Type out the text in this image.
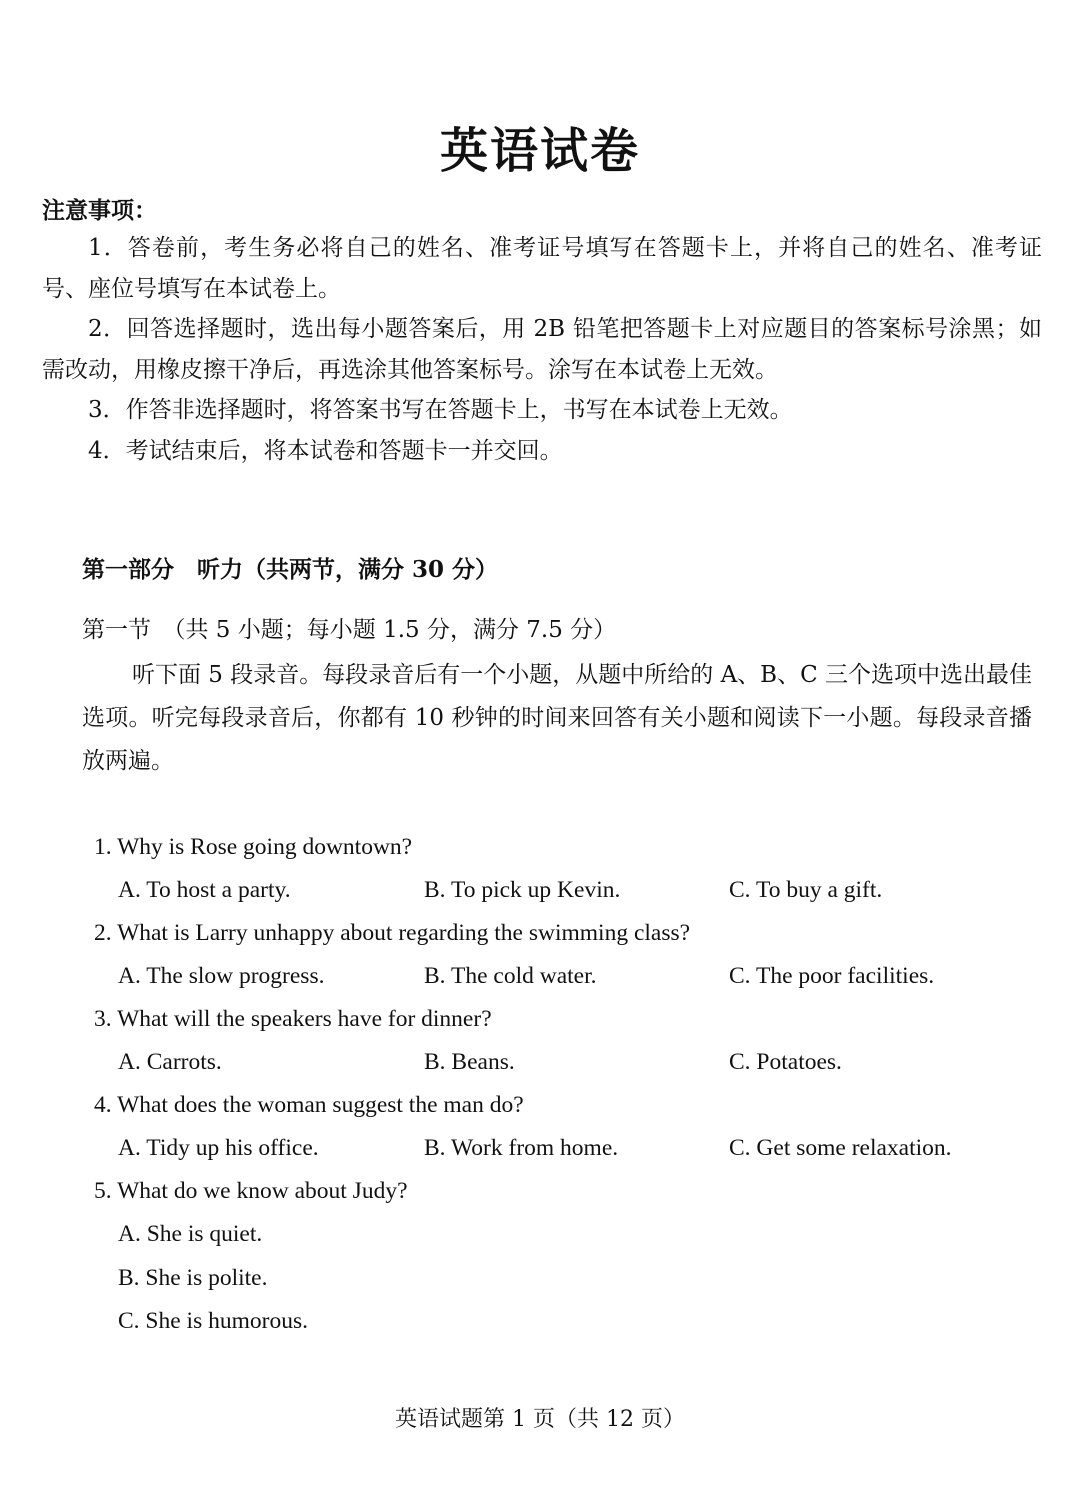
英语试卷
注意事项：

1．答卷前，考生务必将自己的姓名、准考证号填写在答题卡上，并将自己的姓名、准考证号、座位号填写在本试卷上。

2．回答选择题时，选出每小题答案后，用 2B 铅笔把答题卡上对应题目的答案标号涂黑；如需改动，用橡皮擦干净后，再选涂其他答案标号。涂写在本试卷上无效。

3．作答非选择题时，将答案书写在答题卡上，书写在本试卷上无效。

4．考试结束后，将本试卷和答题卡一并交回。

第一部分　听力（共两节，满分 30 分）
第一节　（共 5 小题；每小题 1.5 分，满分 7.5 分）
听下面 5 段录音。每段录音后有一个小题，从题中所给的 A、B、C 三个选项中选出最佳选项。听完每段录音后，你都有 10 秒钟的时间来回答有关小题和阅读下一小题。每段录音播放两遍。
1. Why is Rose going downtown?
A. To host a party.	B. To pick up Kevin.	C. To buy a gift.
2. What is Larry unhappy about regarding the swimming class?
A. The slow progress.	B. The cold water.	C. The poor facilities.
3. What will the speakers have for dinner?
A. Carrots.	B. Beans.	C. Potatoes.
4. What does the woman suggest the man do?
A. Tidy up his office.	B. Work from home.	C. Get some relaxation.
5. What do we know about Judy?
A. She is quiet.
B. She is polite.
C. She is humorous.
英语试题第 1 页（共 12 页）
